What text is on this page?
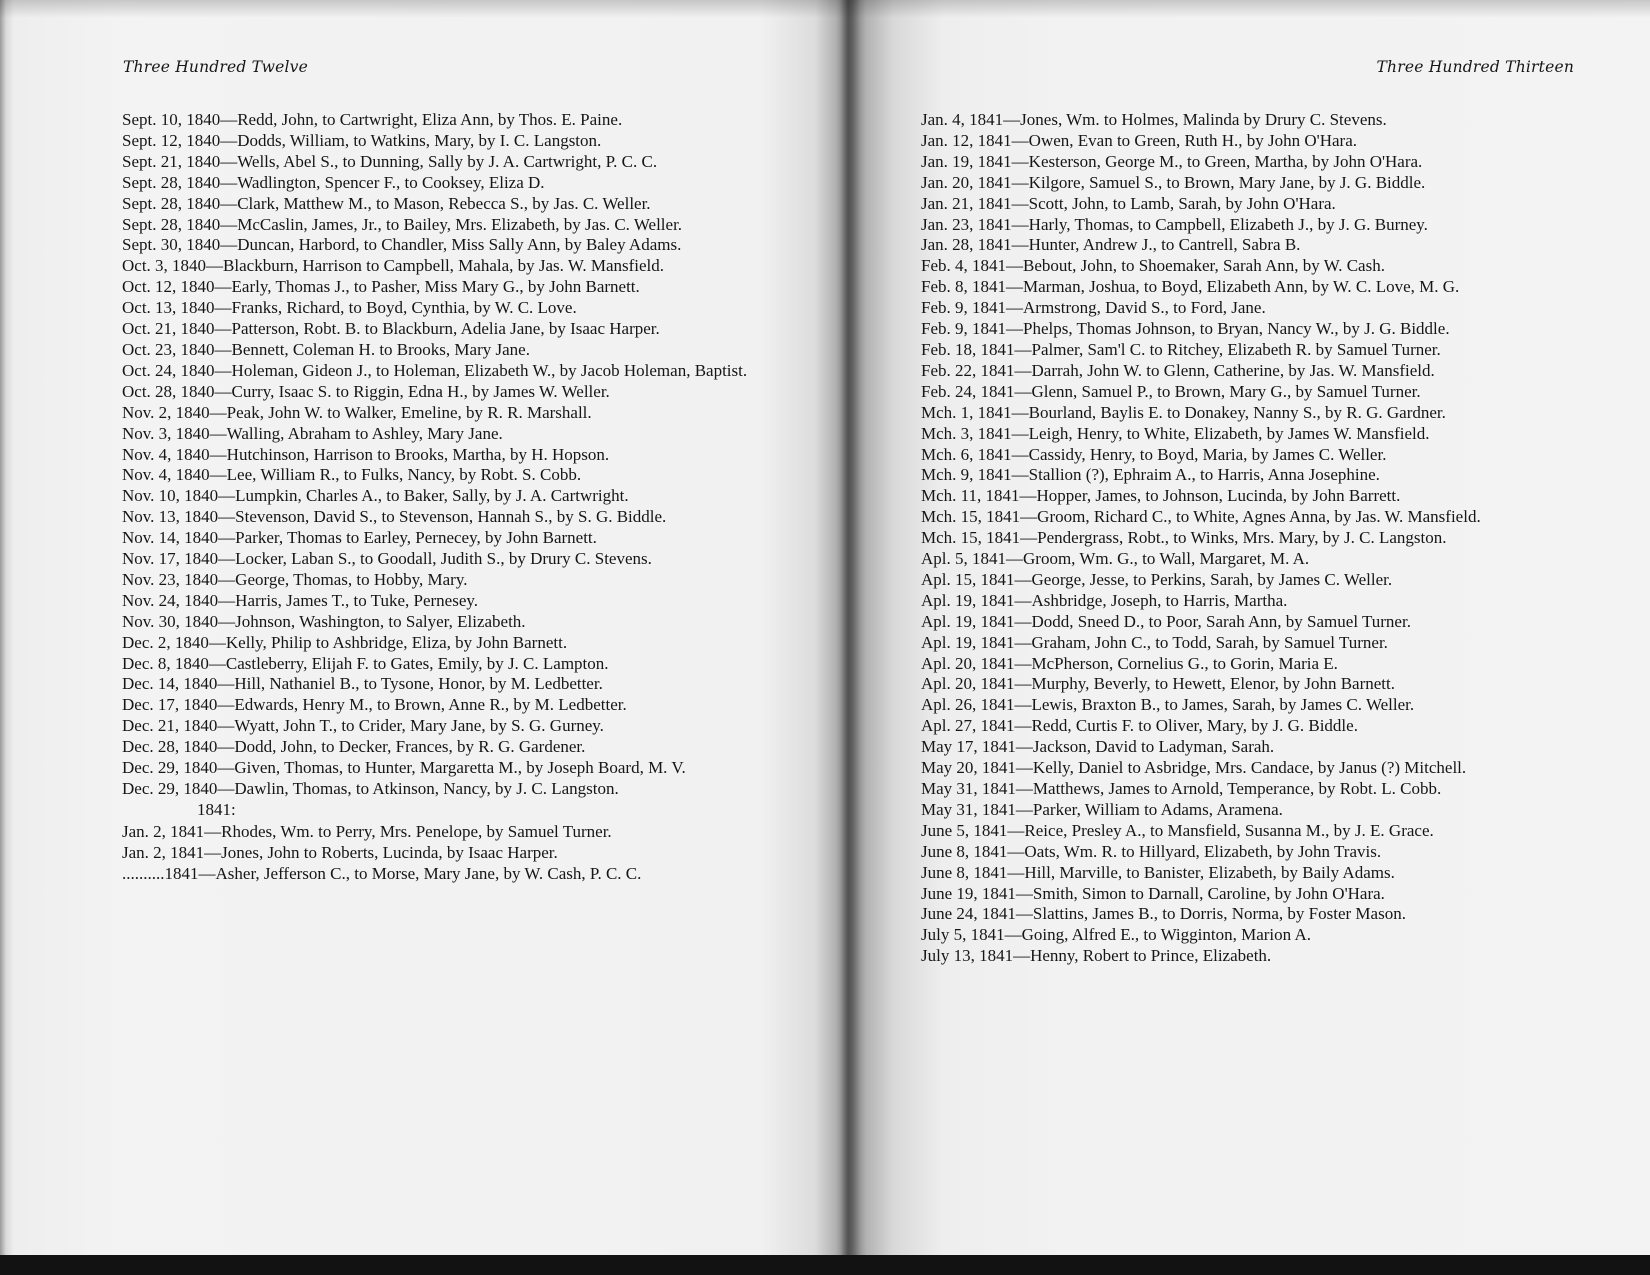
Three Hundred Twelve
Sept. 10, 1840—Redd, John, to Cartwright, Eliza Ann, by Thos. E. Paine.
Sept. 12, 1840—Dodds, William, to Watkins, Mary, by I. C. Langston.
Sept. 21, 1840—Wells, Abel S., to Dunning, Sally by J. A. Cartwright, P. C. C.
Sept. 28, 1840—Wadlington, Spencer F., to Cooksey, Eliza D.
Sept. 28, 1840—Clark, Matthew M., to Mason, Rebecca S., by Jas. C. Weller.
Sept. 28, 1840—McCaslin, James, Jr., to Bailey, Mrs. Elizabeth, by Jas. C. Weller.
Sept. 30, 1840—Duncan, Harbord, to Chandler, Miss Sally Ann, by Baley Adams.
Oct. 3, 1840—Blackburn, Harrison to Campbell, Mahala, by Jas. W. Mansfield.
Oct. 12, 1840—Early, Thomas J., to Pasher, Miss Mary G., by John Barnett.
Oct. 13, 1840—Franks, Richard, to Boyd, Cynthia, by W. C. Love.
Oct. 21, 1840—Patterson, Robt. B. to Blackburn, Adelia Jane, by Isaac Harper.
Oct. 23, 1840—Bennett, Coleman H. to Brooks, Mary Jane.
Oct. 24, 1840—Holeman, Gideon J., to Holeman, Elizabeth W., by Jacob Holeman, Baptist.
Oct. 28, 1840—Curry, Isaac S. to Riggin, Edna H., by James W. Weller.
Nov. 2, 1840—Peak, John W. to Walker, Emeline, by R. R. Marshall.
Nov. 3, 1840—Walling, Abraham to Ashley, Mary Jane.
Nov. 4, 1840—Hutchinson, Harrison to Brooks, Martha, by H. Hopson.
Nov. 4, 1840—Lee, William R., to Fulks, Nancy, by Robt. S. Cobb.
Nov. 10, 1840—Lumpkin, Charles A., to Baker, Sally, by J. A. Cartwright.
Nov. 13, 1840—Stevenson, David S., to Stevenson, Hannah S., by S. G. Biddle.
Nov. 14, 1840—Parker, Thomas to Earley, Pernecey, by John Barnett.
Nov. 17, 1840—Locker, Laban S., to Goodall, Judith S., by Drury C. Stevens.
Nov. 23, 1840—George, Thomas, to Hobby, Mary.
Nov. 24, 1840—Harris, James T., to Tuke, Pernesey.
Nov. 30, 1840—Johnson, Washington, to Salyer, Elizabeth.
Dec. 2, 1840—Kelly, Philip to Ashbridge, Eliza, by John Barnett.
Dec. 8, 1840—Castleberry, Elijah F. to Gates, Emily, by J. C. Lampton.
Dec. 14, 1840—Hill, Nathaniel B., to Tysone, Honor, by M. Ledbetter.
Dec. 17, 1840—Edwards, Henry M., to Brown, Anne R., by M. Ledbetter.
Dec. 21, 1840—Wyatt, John T., to Crider, Mary Jane, by S. G. Gurney.
Dec. 28, 1840—Dodd, John, to Decker, Frances, by R. G. Gardener.
Dec. 29, 1840—Given, Thomas, to Hunter, Margaretta M., by Joseph Board, M. V.
Dec. 29, 1840—Dawlin, Thomas, to Atkinson, Nancy, by J. C. Langston.
1841:
Jan. 2, 1841—Rhodes, Wm. to Perry, Mrs. Penelope, by Samuel Turner.
Jan. 2, 1841—Jones, John to Roberts, Lucinda, by Isaac Harper.
..........1841—Asher, Jefferson C., to Morse, Mary Jane, by W. Cash, P. C. C.
Three Hundred Thirteen
Jan. 4, 1841—Jones, Wm. to Holmes, Malinda by Drury C. Stevens.
Jan. 12, 1841—Owen, Evan to Green, Ruth H., by John O'Hara.
Jan. 19, 1841—Kesterson, George M., to Green, Martha, by John O'Hara.
Jan. 20, 1841—Kilgore, Samuel S., to Brown, Mary Jane, by J. G. Biddle.
Jan. 21, 1841—Scott, John, to Lamb, Sarah, by John O'Hara.
Jan. 23, 1841—Harly, Thomas, to Campbell, Elizabeth J., by J. G. Burney.
Jan. 28, 1841—Hunter, Andrew J., to Cantrell, Sabra B.
Feb. 4, 1841—Bebout, John, to Shoemaker, Sarah Ann, by W. Cash.
Feb. 8, 1841—Marman, Joshua, to Boyd, Elizabeth Ann, by W. C. Love, M. G.
Feb. 9, 1841—Armstrong, David S., to Ford, Jane.
Feb. 9, 1841—Phelps, Thomas Johnson, to Bryan, Nancy W., by J. G. Biddle.
Feb. 18, 1841—Palmer, Sam'l C. to Ritchey, Elizabeth R. by Samuel Turner.
Feb. 22, 1841—Darrah, John W. to Glenn, Catherine, by Jas. W. Mansfield.
Feb. 24, 1841—Glenn, Samuel P., to Brown, Mary G., by Samuel Turner.
Mch. 1, 1841—Bourland, Baylis E. to Donakey, Nanny S., by R. G. Gardner.
Mch. 3, 1841—Leigh, Henry, to White, Elizabeth, by James W. Mansfield.
Mch. 6, 1841—Cassidy, Henry, to Boyd, Maria, by James C. Weller.
Mch. 9, 1841—Stallion (?), Ephraim A., to Harris, Anna Josephine.
Mch. 11, 1841—Hopper, James, to Johnson, Lucinda, by John Barrett.
Mch. 15, 1841—Groom, Richard C., to White, Agnes Anna, by Jas. W. Mansfield.
Mch. 15, 1841—Pendergrass, Robt., to Winks, Mrs. Mary, by J. C. Langston.
Apl. 5, 1841—Groom, Wm. G., to Wall, Margaret, M. A.
Apl. 15, 1841—George, Jesse, to Perkins, Sarah, by James C. Weller.
Apl. 19, 1841—Ashbridge, Joseph, to Harris, Martha.
Apl. 19, 1841—Dodd, Sneed D., to Poor, Sarah Ann, by Samuel Turner.
Apl. 19, 1841—Graham, John C., to Todd, Sarah, by Samuel Turner.
Apl. 20, 1841—McPherson, Cornelius G., to Gorin, Maria E.
Apl. 20, 1841—Murphy, Beverly, to Hewett, Elenor, by John Barnett.
Apl. 26, 1841—Lewis, Braxton B., to James, Sarah, by James C. Weller.
Apl. 27, 1841—Redd, Curtis F. to Oliver, Mary, by J. G. Biddle.
May 17, 1841—Jackson, David to Ladyman, Sarah.
May 20, 1841—Kelly, Daniel to Asbridge, Mrs. Candace, by Janus (?) Mitchell.
May 31, 1841—Matthews, James to Arnold, Temperance, by Robt. L. Cobb.
May 31, 1841—Parker, William to Adams, Aramena.
June 5, 1841—Reice, Presley A., to Mansfield, Susanna M., by J. E. Grace.
June 8, 1841—Oats, Wm. R. to Hillyard, Elizabeth, by John Travis.
June 8, 1841—Hill, Marville, to Banister, Elizabeth, by Baily Adams.
June 19, 1841—Smith, Simon to Darnall, Caroline, by John O'Hara.
June 24, 1841—Slattins, James B., to Dorris, Norma, by Foster Mason.
July 5, 1841—Going, Alfred E., to Wigginton, Marion A.
July 13, 1841—Henny, Robert to Prince, Elizabeth.
